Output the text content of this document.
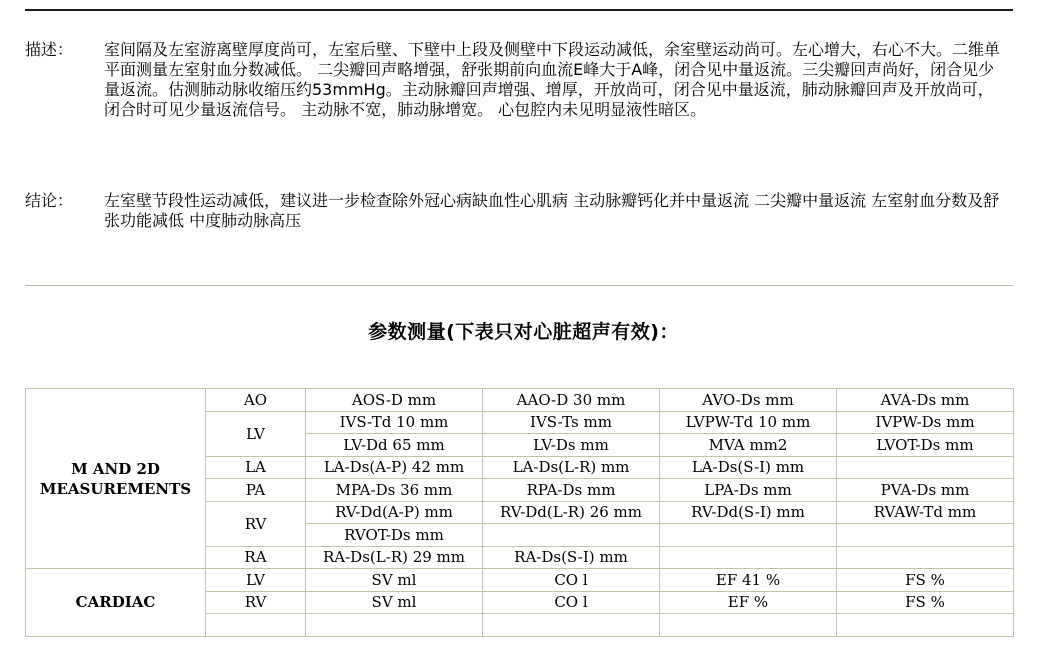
描述： 室间隔及左室游离壁厚度尚可，左室后壁、下壁中上段及侧壁中下段运动减低，余室壁运动尚可。左心增大，右心不大。二维单平面测量左室射血分数减低。 二尖瓣回声略增强，舒张期前向血流E峰大于A峰，闭合见中量返流。三尖瓣回声尚好，闭合见少量返流。估测肺动脉收缩压约53mmHg。主动脉瓣回声增强、增厚，开放尚可，闭合见中量返流，肺动脉瓣回声及开放尚可，闭合时可见少量返流信号。 主动脉不宽，肺动脉增宽。 心包腔内未见明显液性暗区。
结论： 左室壁节段性运动减低，建议进一步检查除外冠心病缺血性心肌病 主动脉瓣钙化并中量返流 二尖瓣中量返流 左室射血分数及舒张功能减低 中度肺动脉高压
参数测量(下表只对心脏超声有效)：
M AND 2D MEASUREMENTS	AO	AOS-D mm	AAO-D 30 mm	AVO-Ds mm	AVA-Ds mm
	LV	IVS-Td 10 mm	IVS-Ts mm	LVPW-Td 10 mm	IVPW-Ds mm
		LV-Dd 65 mm	LV-Ds mm	MVA mm2	LVOT-Ds mm
	LA	LA-Ds(A-P) 42 mm	LA-Ds(L-R) mm	LA-Ds(S-I) mm	
	PA	MPA-Ds 36 mm	RPA-Ds mm	LPA-Ds mm	PVA-Ds mm
	RV	RV-Dd(A-P) mm	RV-Dd(L-R) 26 mm	RV-Dd(S-I) mm	RVAW-Td mm
		RVOT-Ds mm			
	RA	RA-Ds(L-R) 29 mm	RA-Ds(S-I) mm		
CARDIAC	LV	SV ml	CO l	EF 41 %	FS %
	RV	SV ml	CO l	EF %	FS %
